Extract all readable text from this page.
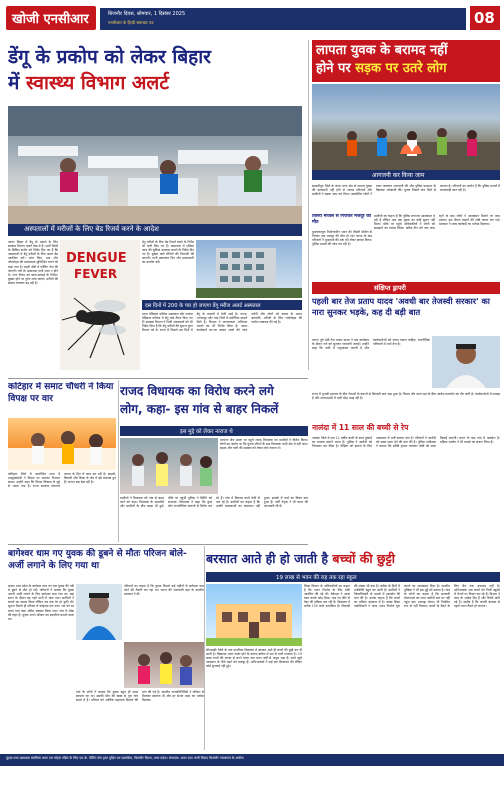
खोजी एनसीआर	बिजनौर दिवस, सोमवार, 1 दिसंबर 2025
एनसीआर के हिन्दी समाचार पत्र	08
डेंगू के प्रकोप को लेकर बिहार
में स्वास्थ्य विभाग अलर्ट
अस्पतालों में मरीजों के लिए बेड रिजर्व करने के आदेश
पटनाः बिहार में डेंगू के मामले के लिए स्वास्थ्य विभाग अलर्ट मोड में है। सभी जिलों के सिविल सर्जन को निर्देश दिए गए हैं कि अस्पतालों में डेंगू मरीजों के लिए अलग बेड आरक्षित करें। जांच किट, दवा और प्लेटलेट्स की उपलब्धता सुनिश्चित करने को कहा गया है। शहरी क्षेत्रों में फॉगिंग तेज की जाएगी। घरों के आसपास पानी जमा न होने दें। नगर निगम को साफ-सफाई के निर्देश। बुखार होने पर तुरंत जांच कराएं। मरीजों की संख्या लगातार बढ़ रही है।
DENGUE
FEVER
डेंगू मरीजों के लिए बेड रिजर्व रखने के निर्देश भी जारी किए गए हैं। अस्पताल में एलिसा जांच की सुविधा उपलब्ध कराने के निर्देश दिए गए हैं। बुखार वाले रोगियों की निगरानी की जाएगी। पानी उबालकर पिएं और मच्छरदानी का उपयोग करें।
दस दिनों में 200 के पार हो जाएगा डेंगू मरीज अलर्ट अस्पताल
पटना मेडिकल कॉलेज अस्पताल और नालंदा मेडिकल कॉलेज में डेंगू वार्ड तैयार किए गए हैं। स्वास्थ्य विभाग ने निजी अस्पतालों को भी निर्देश दिया है कि डेंगू मरीजों की सूचना तुरंत विभाग को दें। राज्य में पिछले दस दिनों में डेंगू के मामलों में तेजी आई है। पटना, भागलपुर और गया जिले में सर्वाधिक मामले मिले हैं। विभाग ने जागरूकता अभियान चलाने का भी निर्णय लिया है। आशा कार्यकर्ता घर-घर जाकर लार्वा की जांच करेंगी और लोगों को बचाव के उपाय बताएंगी। मरीजों के लिए प्लेटलेट्स की पर्याप्त व्यवस्था की गई है।
लापता युवक के बरामद नहीं
होने पर सड़क पर उतरे लोग
आगजनी कर किया जाम
समस्तीपुरः जिले के बंगरा थाना क्षेत्र से लापता युवक की बरामदगी नहीं होने से नाराज परिजनों और ग्रामीणों ने सड़क जाम कर दिया। आक्रोशित लोगों ने टायर जलाकर आगजनी की और पुलिस प्रशासन के खिलाफ नारेबाजी की। युवक पिछले पांच दिनों से लापता है। परिजनों का आरोप है कि पुलिस मामले में लापरवाही बरत रही है।
तीसरी मंजिल से गिराकर मजदूर की मौत
मुजफ्फरपुरः निर्माणाधीन भवन की तीसरी मंजिल से गिरकर एक मजदूर की मौत हो गई। घटना के बाद परिजनों ने मुआवजे की मांग को लेकर हंगामा किया। पुलिस मामले की जांच कर रही है।
ग्रामीणों का कहना है कि पुलिस लगातार आश्वासन दे रही है लेकिन अब तक युवक का कोई सुराग नहीं मिला। मौके पर पहुंचे अधिकारियों ने लोगों को समझाने का प्रयास किया। करीब तीन घंटे तक जाम रहने के बाद लोगों ने आश्वासन मिलने पर जाम हटाया। इस दौरान वाहनों की लंबी कतार लग गई। प्रशासन ने जल्द कार्रवाई का भरोसा दिलाया।
संक्षिप्त ड्रापरी
पहली बार तेज प्रताप यादव 'अवधी बार तेजस्वी सरकार' का नारा सुनकर भड़के, कह दी बड़ी बात
पटनाः पूर्व मंत्री तेज प्रताप यादव ने एक कार्यक्रम के दौरान नारे को सुनकर नाराजगी जताई। उन्होंने कहा कि पार्टी में अनुशासन जरूरी है और कार्यकर्ताओं को संयम रखना चाहिए। राजनीतिक गलियारों में चर्चा तेज है।
राज्य में चुनावी हलचल के बीच नेताओं के बयानों से सियासी पारा चढ़ा हुआ है। विपक्ष और सत्ता पक्ष के बीच आरोप-प्रत्यारोप का दौर जारी है। कार्यकर्ताओं में उत्साह है और जनसभाओं में भारी भीड़ उमड़ रही है।
नालंदा में 11 साल की बच्ची से रेप
नालंदाः जिले में एक 11 वर्षीय बच्ची के साथ दुष्कर्म का मामला सामने आया है। पुलिस ने आरोपी को गिरफ्तार कर लिया है। पीड़िता को इलाज के लिए अस्पताल में भर्ती कराया गया है। परिजनों ने आरोपी को सख्त सजा देने की मांग की है। पुलिस अधीक्षक ने बताया कि स्पीडी ट्रायल चलाकर दोषी को सजा दिलाई जाएगी। घटना के बाद गांव में आक्रोश है। महिला आयोग ने भी मामले का संज्ञान लिया है।
कटिहार में समाट चौधरी ने किया विपक्ष पर वार
कटिहारः जिले में आयोजित सभा में उपमुख्यमंत्री ने विपक्ष पर जमकर निशाना साधा। उन्होंने कहा कि विपक्ष विकास के मुद्दे से भटक गया है। राज्य सरकार लगातार जनता के हित में काम कर रही है। सड़कों, बिजली और शिक्षा के क्षेत्र में बड़े बदलाव हुए हैं। जनता सब देख रही है।
राजद विधायक का विरोध करने लगे
लोग, कहा- इस गांव से बाहर निकलें
इस मुद्दे को लेकर नाराज थे
दरभंगाः क्षेत्र भ्रमण पर पहुंचे राजद विधायक का ग्रामीणों ने विरोध किया। लोगों का आरोप था कि चुनाव जीतने के बाद विधायक कभी क्षेत्र में नहीं आए। सड़क और पानी की समस्या को लेकर लोग नाराज थे।
ग्रामीणों ने विधायक को गांव से बाहर जाने को कहा। विधायक के समर्थकों और ग्रामीणों के बीच बहस भी हुई। मौके पर पहुंची पुलिस ने स्थिति को संभाला। विधायक ने कहा कि कुछ लोग राजनीतिक कारणों से विरोध कर रहे हैं। गांव में विकास कार्य तेजी से चल रहे हैं। ग्रामीणों का कहना है कि उनकी समस्याओं का समाधान नहीं हुआ। इलाके में चर्चा का विषय बना हुआ है। पार्टी नेतृत्व ने भी घटना की जानकारी ली है।
बागेश्वर धाम गए युवक की डूबने से मौतः परिजन बोले-अर्जी लगाने के लिए गया था
छपराः मध्य प्रदेश के बागेश्वर धाम गए एक युवक की नदी में डूबने से मौत हो गई। परिजनों ने बताया कि युवक अपनी अर्जी लगाने के लिए बागेश्वर धाम गया था। वहां स्नान के दौरान वह गहरे पानी में चला गया। साथियों ने बचाने का प्रयास किया लेकिन तब तक देर हो चुकी थी। सूचना मिलते ही परिवार में कोहराम मच गया। शव को घर लाया गया जहां अंतिम संस्कार किया गया। गांव में शोक की लहर है। युवक अपने परिवार का इकलौता कमाने वाला था।
परिजनों का कहना है कि युवक पिछले कई महीनों से बागेश्वर धाम जाने की तैयारी कर रहा था। घटना की जानकारी वहां के स्थानीय प्रशासन ने दी।
गांव के लोगों ने बताया कि युवक बहुत ही सरल स्वभाव का था। उसकी मौत की खबर से पूरा गांव सदमे में है। परिवार को आर्थिक सहायता दिलाने की मांग की गई है। स्थानीय जनप्रतिनिधियों ने परिवार से मिलकर सांत्वना दी और हर संभव मदद का भरोसा दिलाया।
बरसात आते ही हो जाती है बच्चों की छुट्टी
19 लाख से भवन की राह तक रहा स्कूल
सीतामढ़ीः जिले के एक प्राथमिक विद्यालय में बरसात आते ही बच्चों की छुट्टी कर दी जाती है। विद्यालय भवन जर्जर होने के कारण बारिश में छत से पानी टपकता है। 19 लाख रुपये की लागत से बनने वाला नया भवन वर्षों से अधूरा पड़ा है। बच्चे खुले आसमान के नीचे पढ़ने को मजबूर हैं। अभिभावकों ने कई बार शिकायत की लेकिन कोई सुनवाई नहीं हुई।
शिक्षा विभाग के अधिकारियों का कहना है कि भवन निर्माण के लिए राशि आवंटित की गई थी। ठेकेदार ने आधा काम करके छोड़ दिया। अब नए सिरे से टेंडर की प्रक्रिया चल रही है। विद्यालय में करीब 150 बच्चे नामांकित हैं। शिक्षकों की संख्या भी कम है। बारिश के दिनों में उपस्थिति बहुत घट जाती है। ग्रामीणों ने जिलाधिकारी से मामले में हस्तक्षेप की मांग की है। उनका कहना है कि बच्चों का भविष्य अंधकार में है। प्रखंड शिक्षा पदाधिकारी ने जल्द भवन निर्माण पूरा कराने का आश्वासन दिया है। स्थानीय मुखिया ने भी इस मुद्दे को उठाया है। गांव के लोगों का कहना है कि सरकारी योजनाओं का लाभ जमीनी स्तर पर नहीं पहुंच रहा। मध्याह्न भोजन भी नियमित रूप से नहीं मिलता। बच्चों के बैठने के लिए बेंच तक उपलब्ध नहीं है। अभिभावक अब बच्चों को निजी स्कूलों में भेजने पर विचार कर रहे हैं। विभाग ने जांच के आदेश दिए हैं और रिपोर्ट मांगी गई है। उम्मीद है कि अगली बरसात से पहले भवन तैयार हो जाएगा।
मुद्रक तथा प्रकाशक स्वामित्व अमर दत्त मोहम पंडित के लिए एम.के. प्रिंटिंग प्रेस द्वारा मुद्रित एवं प्रकाशित, बिजनौर दिवस, उत्तर प्रदेश। संपादक: अमर दत्त। सभी विवाद बिजनौर न्यायालय के अधीन।
